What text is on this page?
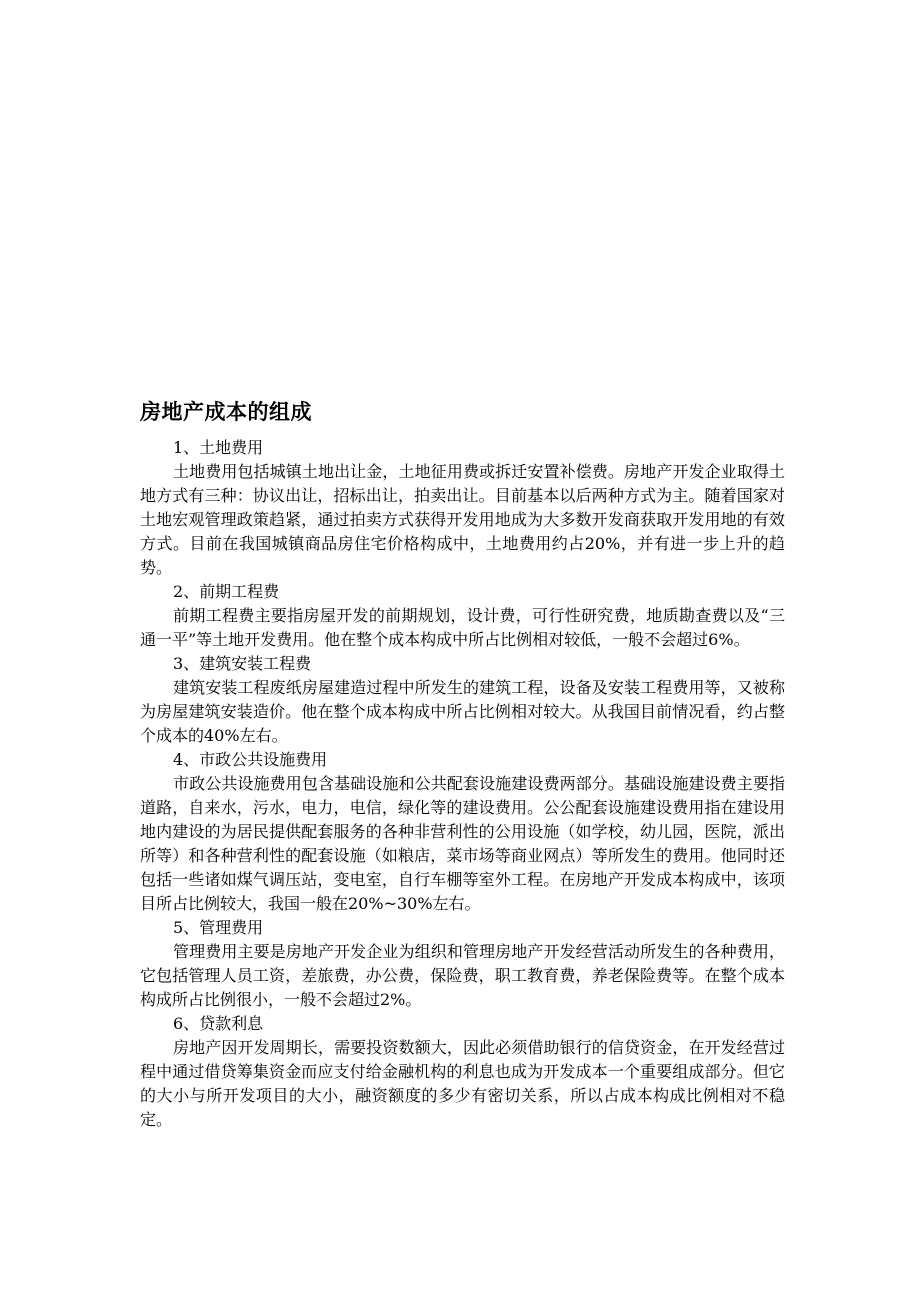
房地产成本的组成

1、土地费用

土地费用包括城镇土地出让金，土地征用费或拆迁安置补偿费。房地产开发企业取得土地方式有三种：协议出让，招标出让，拍卖出让。目前基本以后两种方式为主。随着国家对土地宏观管理政策趋紧，通过拍卖方式获得开发用地成为大多数开发商获取开发用地的有效方式。目前在我国城镇商品房住宅价格构成中，土地费用约占20%，并有进一步上升的趋势。

2、前期工程费

前期工程费主要指房屋开发的前期规划，设计费，可行性研究费，地质勘查费以及“三通一平”等土地开发费用。他在整个成本构成中所占比例相对较低，一般不会超过6%。

3、建筑安装工程费

建筑安装工程废纸房屋建造过程中所发生的建筑工程，设备及安装工程费用等，又被称为房屋建筑安装造价。他在整个成本构成中所占比例相对较大。从我国目前情况看，约占整个成本的40%左右。

4、市政公共设施费用

市政公共设施费用包含基础设施和公共配套设施建设费两部分。基础设施建设费主要指道路，自来水，污水，电力，电信，绿化等的建设费用。公公配套设施建设费用指在建设用地内建设的为居民提供配套服务的各种非营利性的公用设施（如学校，幼儿园，医院，派出所等）和各种营利性的配套设施（如粮店，菜市场等商业网点）等所发生的费用。他同时还包括一些诸如煤气调压站，变电室，自行车棚等室外工程。在房地产开发成本构成中，该项目所占比例较大，我国一般在20%~30%左右。

5、管理费用

管理费用主要是房地产开发企业为组织和管理房地产开发经营活动所发生的各种费用，它包括管理人员工资，差旅费，办公费，保险费，职工教育费，养老保险费等。在整个成本构成所占比例很小，一般不会超过2%。

6、贷款利息

房地产因开发周期长，需要投资数额大，因此必须借助银行的信贷资金，在开发经营过程中通过借贷筹集资金而应支付给金融机构的利息也成为开发成本一个重要组成部分。但它的大小与所开发项目的大小，融资额度的多少有密切关系，所以占成本构成比例相对不稳定。
